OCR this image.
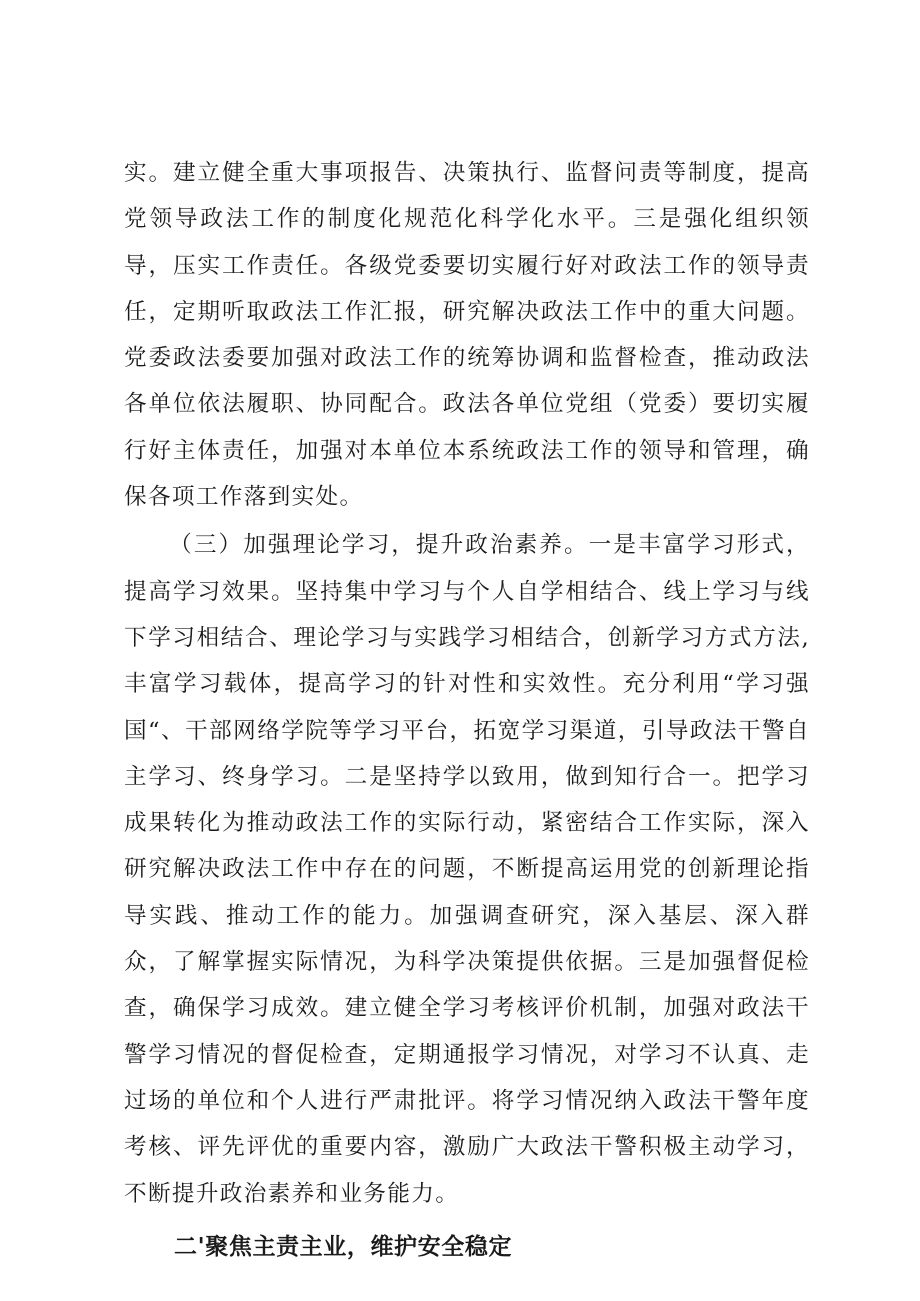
实。建立健全重大事项报告、决策执行、监督问责等制度，提高党领导政法工作的制度化规范化科学化水平。三是强化组织领导，压实工作责任。各级党委要切实履行好对政法工作的领导责任，定期听取政法工作汇报，研究解决政法工作中的重大问题。党委政法委要加强对政法工作的统筹协调和监督检查，推动政法各单位依法履职、协同配合。政法各单位党组（党委）要切实履行好主体责任，加强对本单位本系统政法工作的领导和管理，确保各项工作落到实处。

（三）加强理论学习，提升政治素养。一是丰富学习形式，提高学习效果。坚持集中学习与个人自学相结合、线上学习与线下学习相结合、理论学习与实践学习相结合，创新学习方式方法,丰富学习载体，提高学习的针对性和实效性。充分利用“学习强国“、干部网络学院等学习平台，拓宽学习渠道，引导政法干警自主学习、终身学习。二是坚持学以致用，做到知行合一。把学习成果转化为推动政法工作的实际行动，紧密结合工作实际，深入研究解决政法工作中存在的问题，不断提高运用党的创新理论指导实践、推动工作的能力。加强调查研究，深入基层、深入群众，了解掌握实际情况，为科学决策提供依据。三是加强督促检查，确保学习成效。建立健全学习考核评价机制，加强对政法干警学习情况的督促检查，定期通报学习情况，对学习不认真、走过场的单位和个人进行严肃批评。将学习情况纳入政法干警年度考核、评先评优的重要内容，激励广大政法干警积极主动学习，不断提升政治素养和业务能力。

二'聚焦主责主业，维护安全稳定
